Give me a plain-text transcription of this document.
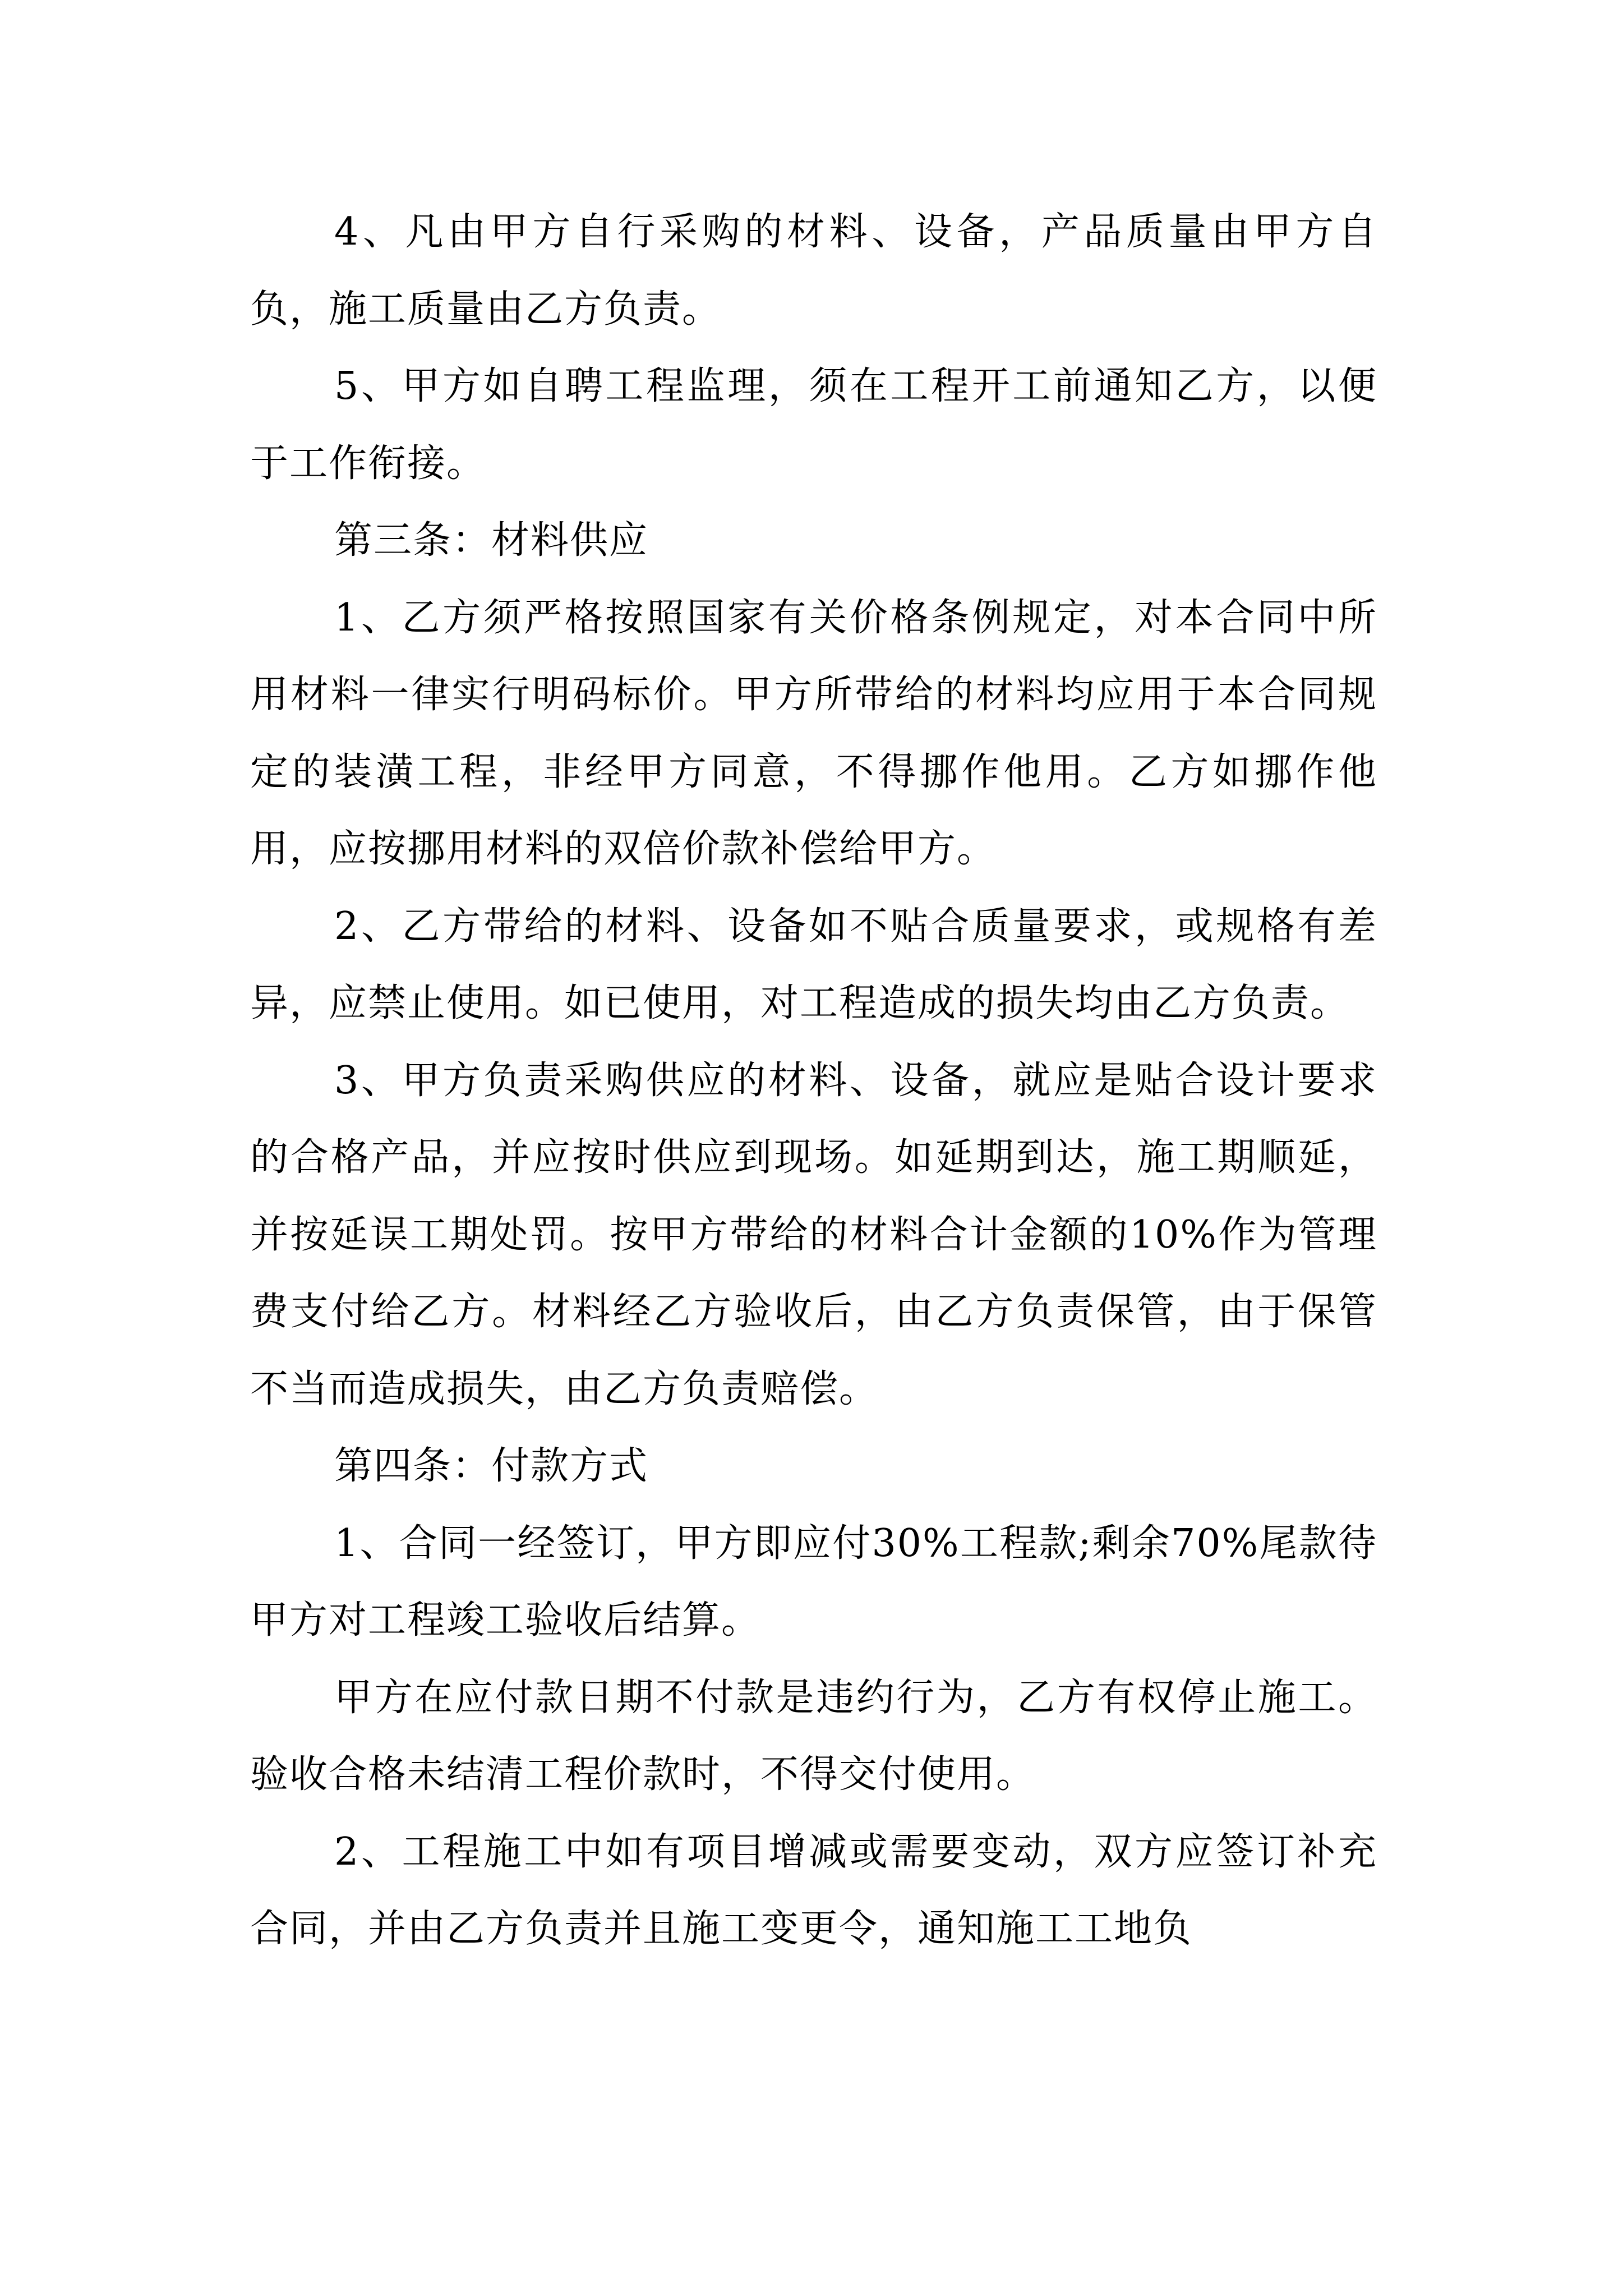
4、凡由甲方自行采购的材料、设备，产品质量由甲方自负，施工质量由乙方负责。

5、甲方如自聘工程监理，须在工程开工前通知乙方，以便于工作衔接。

第三条：材料供应

1、乙方须严格按照国家有关价格条例规定，对本合同中所用材料一律实行明码标价。甲方所带给的材料均应用于本合同规定的装潢工程，非经甲方同意，不得挪作他用。乙方如挪作他用，应按挪用材料的双倍价款补偿给甲方。

2、乙方带给的材料、设备如不贴合质量要求，或规格有差异，应禁止使用。如已使用，对工程造成的损失均由乙方负责。

3、甲方负责采购供应的材料、设备，就应是贴合设计要求的合格产品，并应按时供应到现场。如延期到达，施工期顺延，并按延误工期处罚。按甲方带给的材料合计金额的10%作为管理费支付给乙方。材料经乙方验收后，由乙方负责保管，由于保管不当而造成损失，由乙方负责赔偿。

第四条：付款方式

1、合同一经签订，甲方即应付30%工程款;剩余70%尾款待甲方对工程竣工验收后结算。

甲方在应付款日期不付款是违约行为，乙方有权停止施工。验收合格未结清工程价款时，不得交付使用。

2、工程施工中如有项目增减或需要变动，双方应签订补充合同，并由乙方负责并且施工变更令，通知施工工地负
